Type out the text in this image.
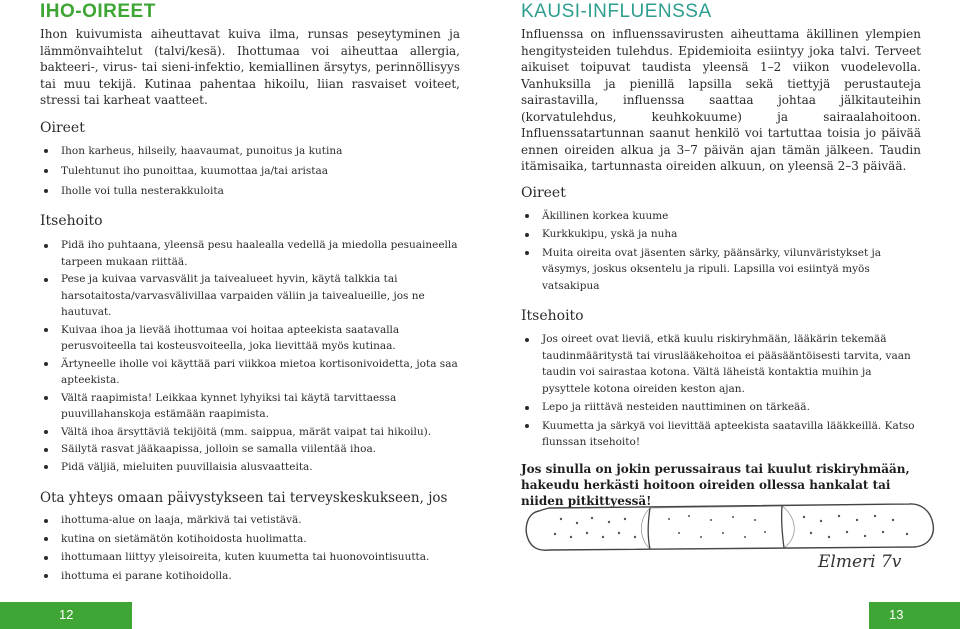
IHO-OIREET

Ihon kuivumista aiheuttavat kuiva ilma, runsas peseytyminen ja lämmönvaihtelut (talvi/kesä). Ihottumaa voi aiheuttaa allergia, bakteeri-, virus- tai sieni-infektio, kemiallinen ärsytys, perinnöllisyys tai muu tekijä. Kutinaa pahentaa hikoilu, liian rasvaiset voiteet, stressi tai karheat vaatteet.

Oireet
Ihon karheus, hilseily, haavaumat, punoitus ja kutina
Tulehtunut iho punoittaa, kuumottaa ja/tai aristaa
Iholle voi tulla nesterakkuloita
Itsehoito
Pidä iho puhtaana, yleensä pesu haalealla vedellä ja miedolla pesuaineella tarpeen mukaan riittää.
Pese ja kuivaa varvasvälit ja taivealueet hyvin, käytä talkkia tai harsotaitosta/varvasvälivillaa varpaiden väliin ja taivealueille, jos ne hautuvat.
Kuivaa ihoa ja lievää ihottumaa voi hoitaa apteekista saatavalla perusvoiteella tai kosteusvoiteella, joka lievittää myös kutinaa.
Ärtyneelle iholle voi käyttää pari viikkoa mietoa kortisonivoidetta, jota saa apteekista.
Vältä raapimista! Leikkaa kynnet lyhyiksi tai käytä tarvittaessa puuvillahanskoja estämään raapimista.
Vältä ihoa ärsyttäviä tekijöitä (mm. saippua, märät vaipat tai hikoilu).
Säilytä rasvat jääkaapissa, jolloin se samalla viilentää ihoa.
Pidä väljiä, mieluiten puuvillaisia alusvaatteita.
Ota yhteys omaan päivystykseen tai terveyskeskukseen, jos
ihottuma-alue on laaja, märkivä tai vetistävä.
kutina on sietämätön kotihoidosta huolimatta.
ihottumaan liittyy yleisoireita, kuten kuumetta tai huonovointisuutta.
ihottuma ei parane kotihoidolla.
KAUSI-INFLUENSSA

Influenssa on influenssavirusten aiheuttama äkillinen ylempien hengitysteiden tulehdus. Epidemioita esiintyy joka talvi. Terveet aikuiset toipuvat taudista yleensä 1–2 viikon vuodelevolla. Vanhuksilla ja pienillä lapsilla sekä tiettyjä perustauteja sairastavilla, influenssa saattaa johtaa jälkitauteihin (korvatulehdus, keuhkokuume) ja sairaalahoitoon. Influenssatartunnan saanut henkilö voi tartuttaa toisia jo päivää ennen oireiden alkua ja 3–7 päivän ajan tämän jälkeen. Taudin itämisaika, tartunnasta oireiden alkuun, on yleensä 2–3 päivää.

Oireet
Äkillinen korkea kuume
Kurkkukipu, yskä ja nuha
Muita oireita ovat jäsenten särky, päänsärky, vilunväristykset ja väsymys, joskus oksentelu ja ripuli. Lapsilla voi esiintyä myös vatsakipua
Itsehoito
Jos oireet ovat lieviä, etkä kuulu riskiryhmään, lääkärin tekemää taudinmääritystä tai viruslääkehoitoa ei pääsääntöisesti tarvita, vaan taudin voi sairastaa kotona. Vältä läheistä kontaktia muihin ja pysyttele kotona oireiden keston ajan.
Lepo ja riittävä nesteiden nauttiminen on tärkeää.
Kuumetta ja särkyä voi lievittää apteekista saatavilla lääkkeillä. Katso flunssan itsehoito!

Jos sinulla on jokin perussairaus tai kuulut riskiryhmään, hakeudu herkästi hoitoon oireiden ollessa hankalat tai niiden pitkittyessä!

Elmeri 7v
12	13
